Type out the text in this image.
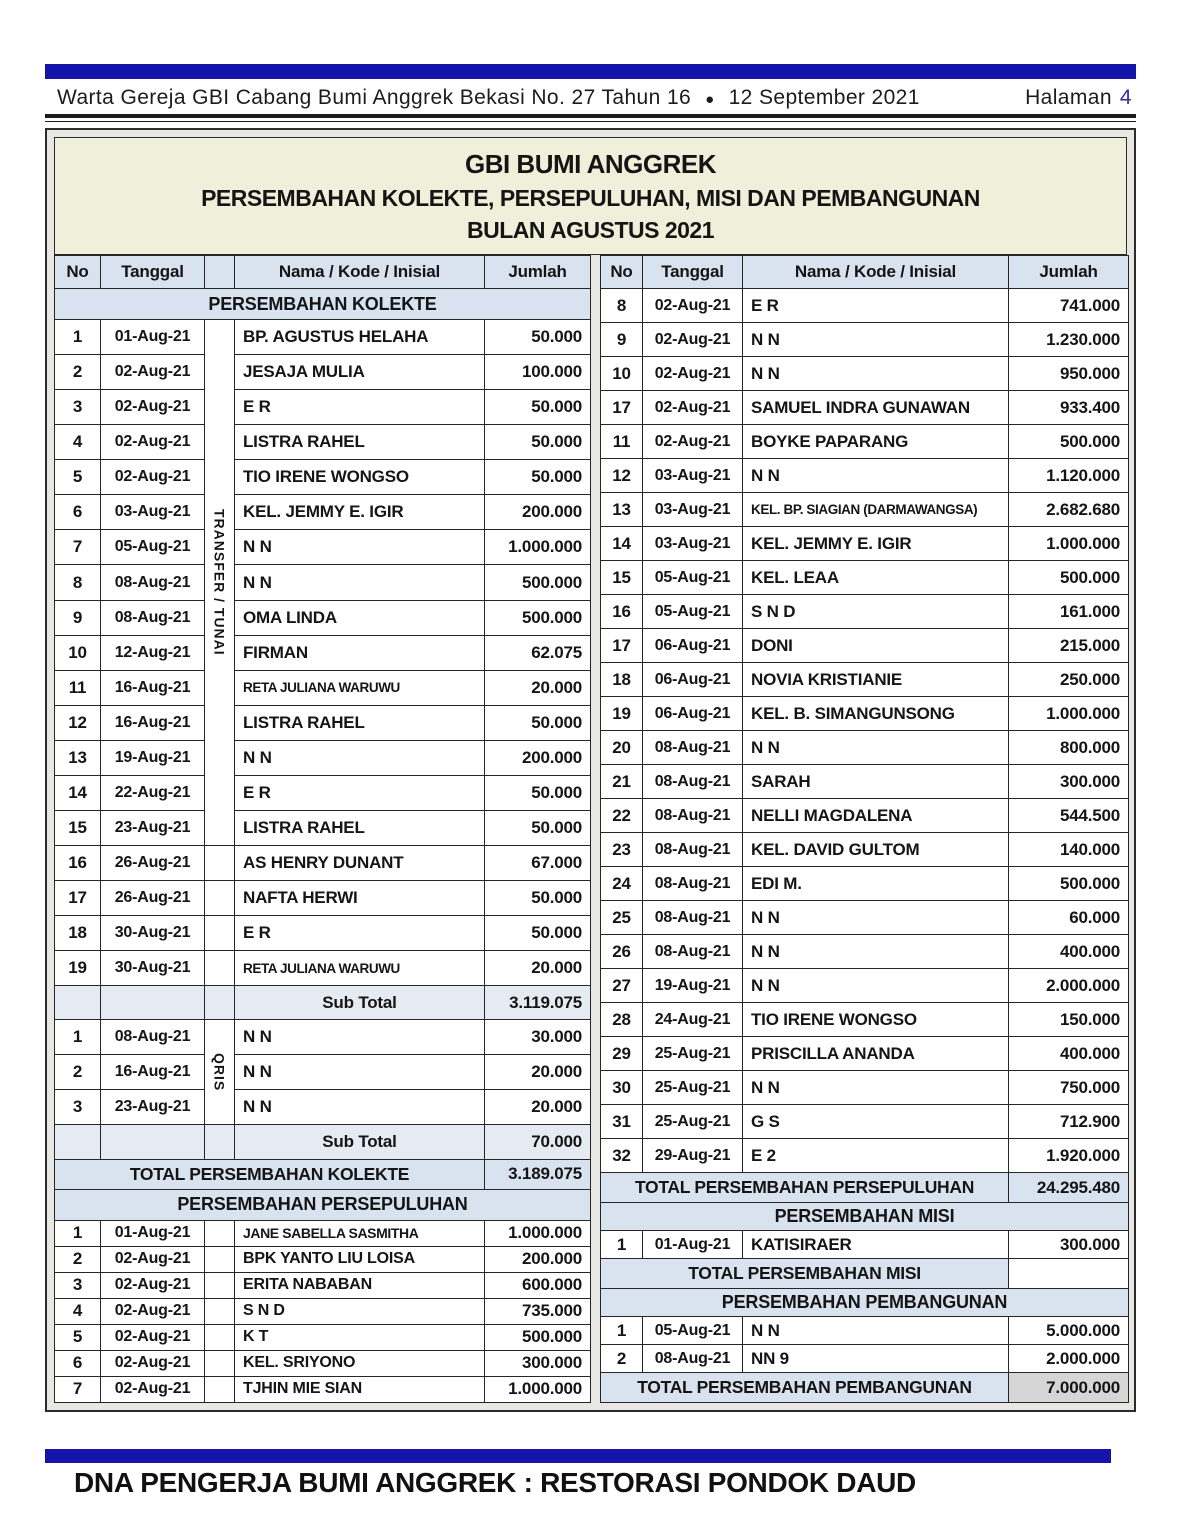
Warta Gereja GBI Cabang Bumi Anggrek Bekasi No. 27 Tahun 16 ● 12 September 2021	Halaman 4
GBI BUMI ANGGREK
PERSEMBAHAN KOLEKTE, PERSEPULUHAN, MISI DAN PEMBANGUNAN
BULAN AGUSTUS 2021
No	Tanggal		Nama / Kode / Inisial	Jumlah
PERSEMBAHAN KOLEKTE				
1	01-Aug-21	TRANSFER / TUNAI	BP. AGUSTUS HELAHA	50.000
2	02-Aug-21		JESAJA MULIA	100.000
3	02-Aug-21		E R	50.000
4	02-Aug-21		LISTRA RAHEL	50.000
5	02-Aug-21		TIO IRENE WONGSO	50.000
6	03-Aug-21		KEL. JEMMY E. IGIR	200.000
7	05-Aug-21		N N	1.000.000
8	08-Aug-21		N N	500.000
9	08-Aug-21		OMA LINDA	500.000
10	12-Aug-21		FIRMAN	62.075
11	16-Aug-21		RETA JULIANA WARUWU	20.000
12	16-Aug-21		LISTRA RAHEL	50.000
13	19-Aug-21		N N	200.000
14	22-Aug-21		E R	50.000
15	23-Aug-21		LISTRA RAHEL	50.000
16	26-Aug-21		AS HENRY DUNANT	67.000
17	26-Aug-21		NAFTA HERWI	50.000
18	30-Aug-21		E R	50.000
19	30-Aug-21		RETA JULIANA WARUWU	20.000
			Sub Total	3.119.075
1	08-Aug-21	QRIS	N N	30.000
2	16-Aug-21		N N	20.000
3	23-Aug-21		N N	20.000
			Sub Total	70.000
TOTAL PERSEMBAHAN KOLEKTE				3.189.075
PERSEMBAHAN PERSEPULUHAN				
1	01-Aug-21		JANE SABELLA SASMITHA	1.000.000
2	02-Aug-21		BPK YANTO LIU LOISA	200.000
3	02-Aug-21		ERITA NABABAN	600.000
4	02-Aug-21		S N D	735.000
5	02-Aug-21		K T	500.000
6	02-Aug-21		KEL. SRIYONO	300.000
7	02-Aug-21		TJHIN MIE SIAN	1.000.000
No	Tanggal	Nama / Kode / Inisial	Jumlah
8	02-Aug-21	E R	741.000
9	02-Aug-21	N N	1.230.000
10	02-Aug-21	N N	950.000
17	02-Aug-21	SAMUEL INDRA GUNAWAN	933.400
11	02-Aug-21	BOYKE PAPARANG	500.000
12	03-Aug-21	N N	1.120.000
13	03-Aug-21	KEL. BP. SIAGIAN (DARMAWANGSA)	2.682.680
14	03-Aug-21	KEL. JEMMY E. IGIR	1.000.000
15	05-Aug-21	KEL. LEAA	500.000
16	05-Aug-21	S N D	161.000
17	06-Aug-21	DONI	215.000
18	06-Aug-21	NOVIA KRISTIANIE	250.000
19	06-Aug-21	KEL. B. SIMANGUNSONG	1.000.000
20	08-Aug-21	N N	800.000
21	08-Aug-21	SARAH	300.000
22	08-Aug-21	NELLI MAGDALENA	544.500
23	08-Aug-21	KEL. DAVID GULTOM	140.000
24	08-Aug-21	EDI M.	500.000
25	08-Aug-21	N N	60.000
26	08-Aug-21	N N	400.000
27	19-Aug-21	N N	2.000.000
28	24-Aug-21	TIO IRENE WONGSO	150.000
29	25-Aug-21	PRISCILLA ANANDA	400.000
30	25-Aug-21	N N	750.000
31	25-Aug-21	G S	712.900
32	29-Aug-21	E 2	1.920.000
TOTAL PERSEMBAHAN PERSEPULUHAN			24.295.480
PERSEMBAHAN MISI			
1	01-Aug-21	KATISIRAER	300.000
TOTAL PERSEMBAHAN MISI			
PERSEMBAHAN PEMBANGUNAN			
1	05-Aug-21	N N	5.000.000
2	08-Aug-21	NN 9	2.000.000
TOTAL PERSEMBAHAN PEMBANGUNAN			7.000.000
DNA PENGERJA BUMI ANGGREK : RESTORASI PONDOK DAUD
